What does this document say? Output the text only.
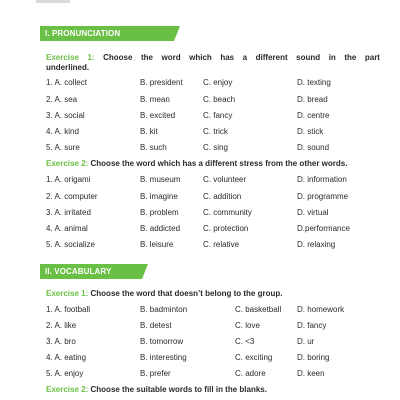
I. PRONUNCIATION
Exercise 1: Choose the word which has a different sound in the part
underlined.
1. A. collect	B. president	C. enjoy	D. texting
2. A. sea	B. mean	C. beach	D. bread
3. A. social	B. excited	C. fancy	D. centre
4. A. kind	B. kit	C. trick	D. stick
5. A. sure	B. such	C. sing	D. sound
Exercise 2: Choose the word which has a different stress from the other words.
1. A. origami	B. museum	C. volunteer	D. information
2. A. computer	B. imagine	C. addition	D. programme
3. A. irritated	B. problem	C. community	D. virtual
4. A. animal	B. addicted	C. protection	D.performance
5. A. socialize	B. leisure	C. relative	D. relaxing
II. VOCABULARY
Exercise 1: Choose the word that doesn’t belong to the group.
1. A. football	B. badminton	C. basketball D. homework
2. A. like	B. detest	C. love	D. fancy
3. A. bro	B. tomorrow	C. <3	D. ur
4. A. eating	B. interesting	C. exciting	D. boring
5. A. enjoy	B. prefer	C. adore	D. keen
Exercise 2: Choose the suitable words to fill in the blanks.
